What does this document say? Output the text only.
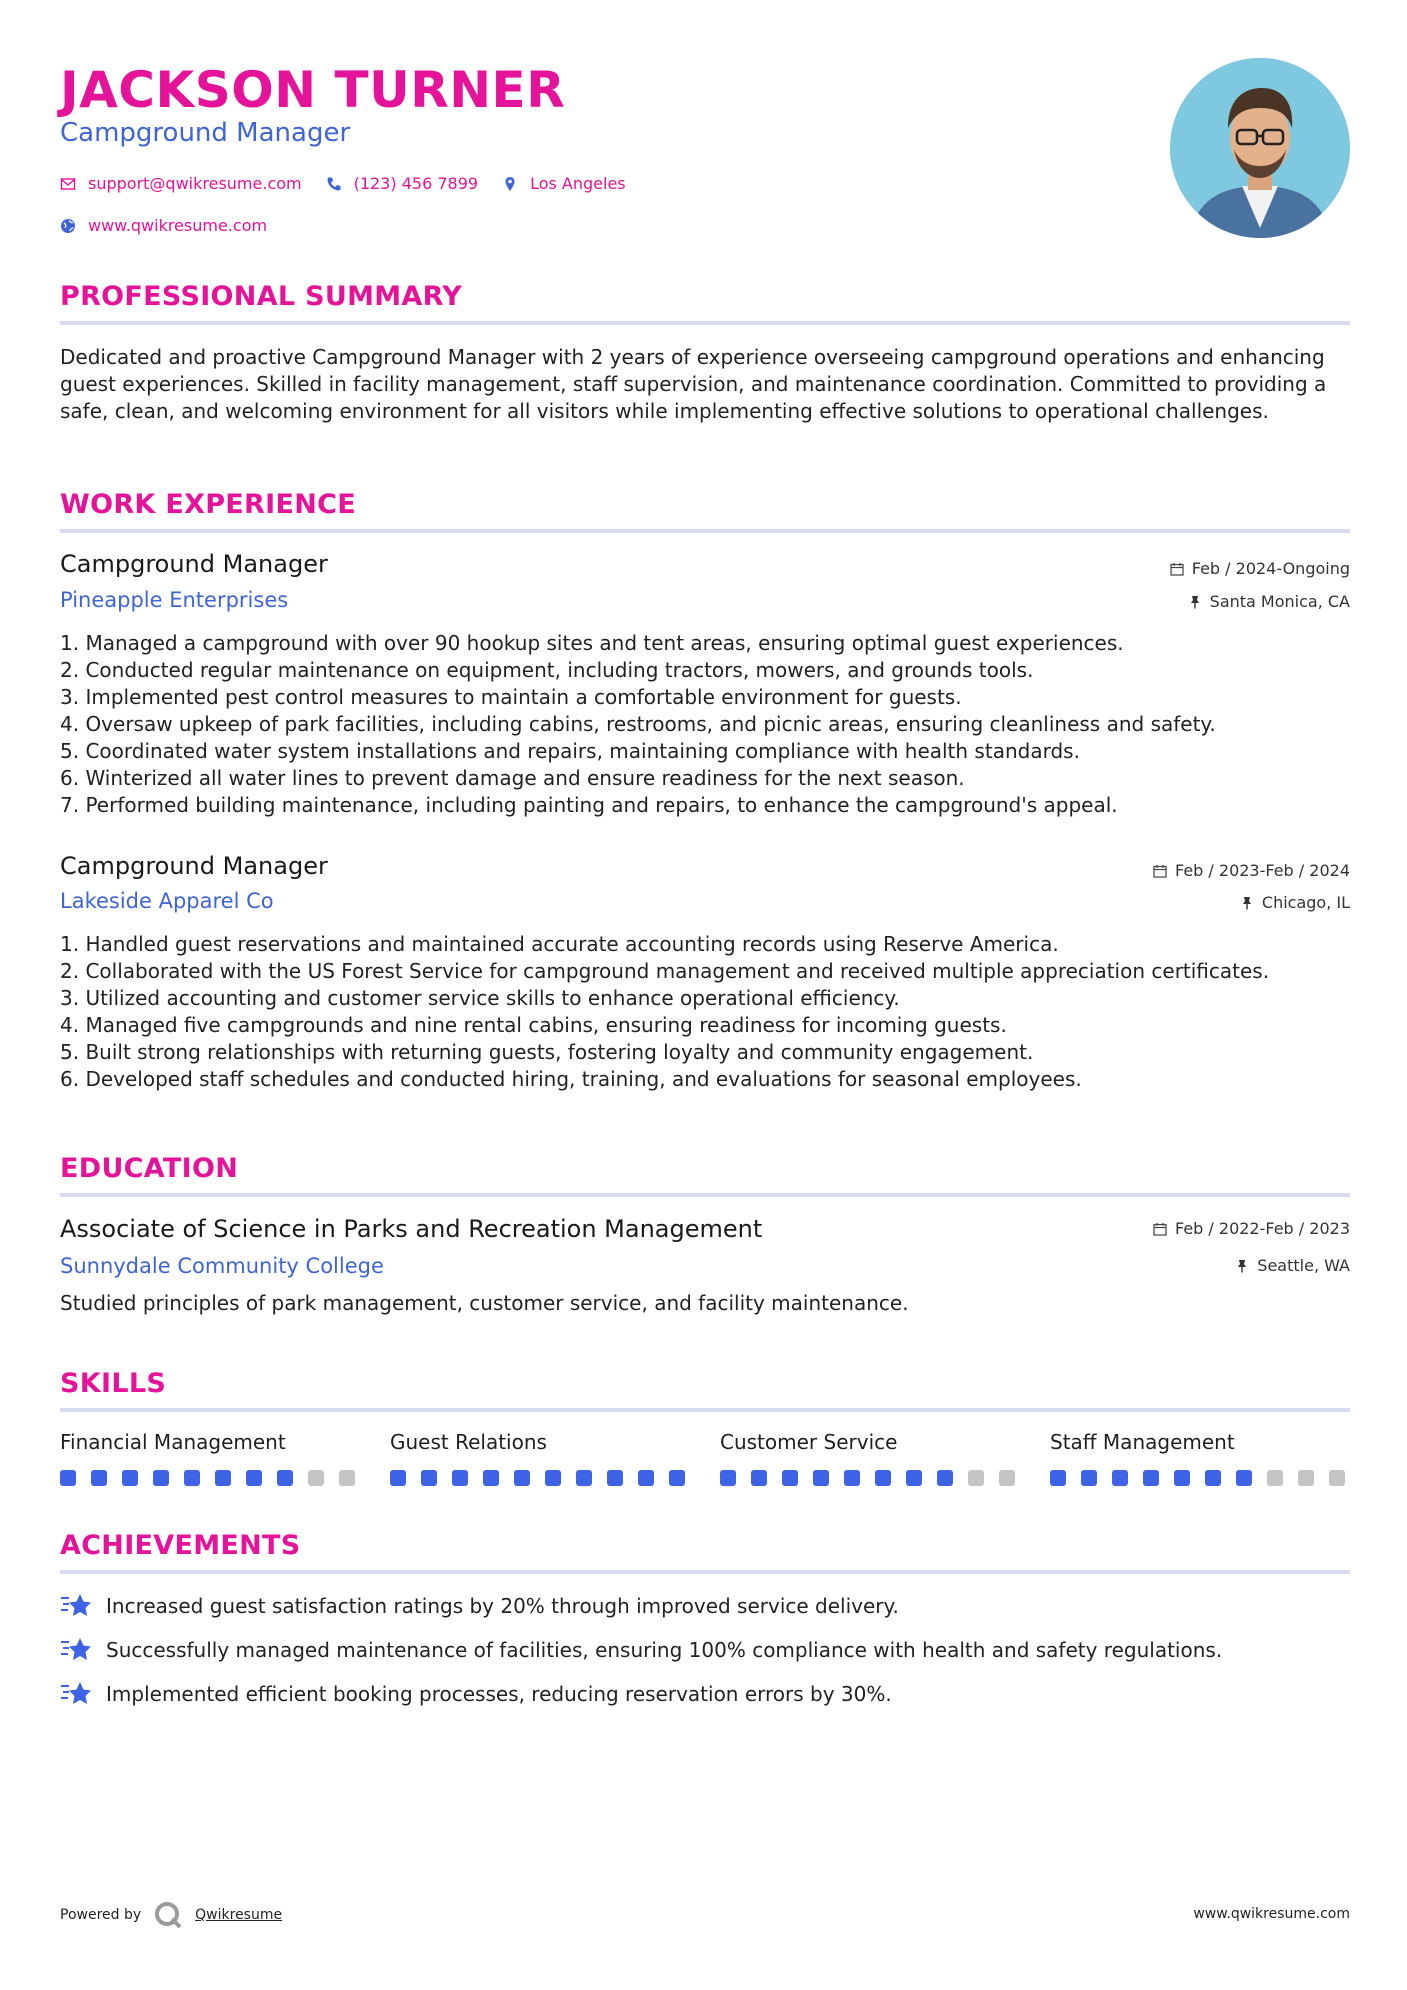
JACKSON TURNER
Campground Manager
support@qwikresume.com	(123) 456 7899	Los Angeles
www.qwikresume.com
PROFESSIONAL SUMMARY

Dedicated and proactive Campground Manager with 2 years of experience overseeing campground operations and enhancing guest experiences. Skilled in facility management, staff supervision, and maintenance coordination. Committed to providing a safe, clean, and welcoming environment for all visitors while implementing effective solutions to operational challenges.

WORK EXPERIENCE
Campground Manager	Feb / 2024-Ongoing
Pineapple Enterprises	Santa Monica, CA
1. Managed a campground with over 90 hookup sites and tent areas, ensuring optimal guest experiences.
2. Conducted regular maintenance on equipment, including tractors, mowers, and grounds tools.
3. Implemented pest control measures to maintain a comfortable environment for guests.
4. Oversaw upkeep of park facilities, including cabins, restrooms, and picnic areas, ensuring cleanliness and safety.
5. Coordinated water system installations and repairs, maintaining compliance with health standards.
6. Winterized all water lines to prevent damage and ensure readiness for the next season.
7. Performed building maintenance, including painting and repairs, to enhance the campground's appeal.
Campground Manager	Feb / 2023-Feb / 2024
Lakeside Apparel Co	Chicago, IL
1. Handled guest reservations and maintained accurate accounting records using Reserve America.
2. Collaborated with the US Forest Service for campground management and received multiple appreciation certificates.
3. Utilized accounting and customer service skills to enhance operational efficiency.
4. Managed five campgrounds and nine rental cabins, ensuring readiness for incoming guests.
5. Built strong relationships with returning guests, fostering loyalty and community engagement.
6. Developed staff schedules and conducted hiring, training, and evaluations for seasonal employees.
EDUCATION
Associate of Science in Parks and Recreation Management	Feb / 2022-Feb / 2023
Sunnydale Community College	Seattle, WA

Studied principles of park management, customer service, and facility maintenance.

SKILLS
Financial Management	Guest Relations	Customer Service	Staff Management
ACHIEVEMENTS
Increased guest satisfaction ratings by 20% through improved service delivery.
Successfully managed maintenance of facilities, ensuring 100% compliance with health and safety regulations.
Implemented efficient booking processes, reducing reservation errors by 30%.
Powered by	Qwikresume	www.qwikresume.com
